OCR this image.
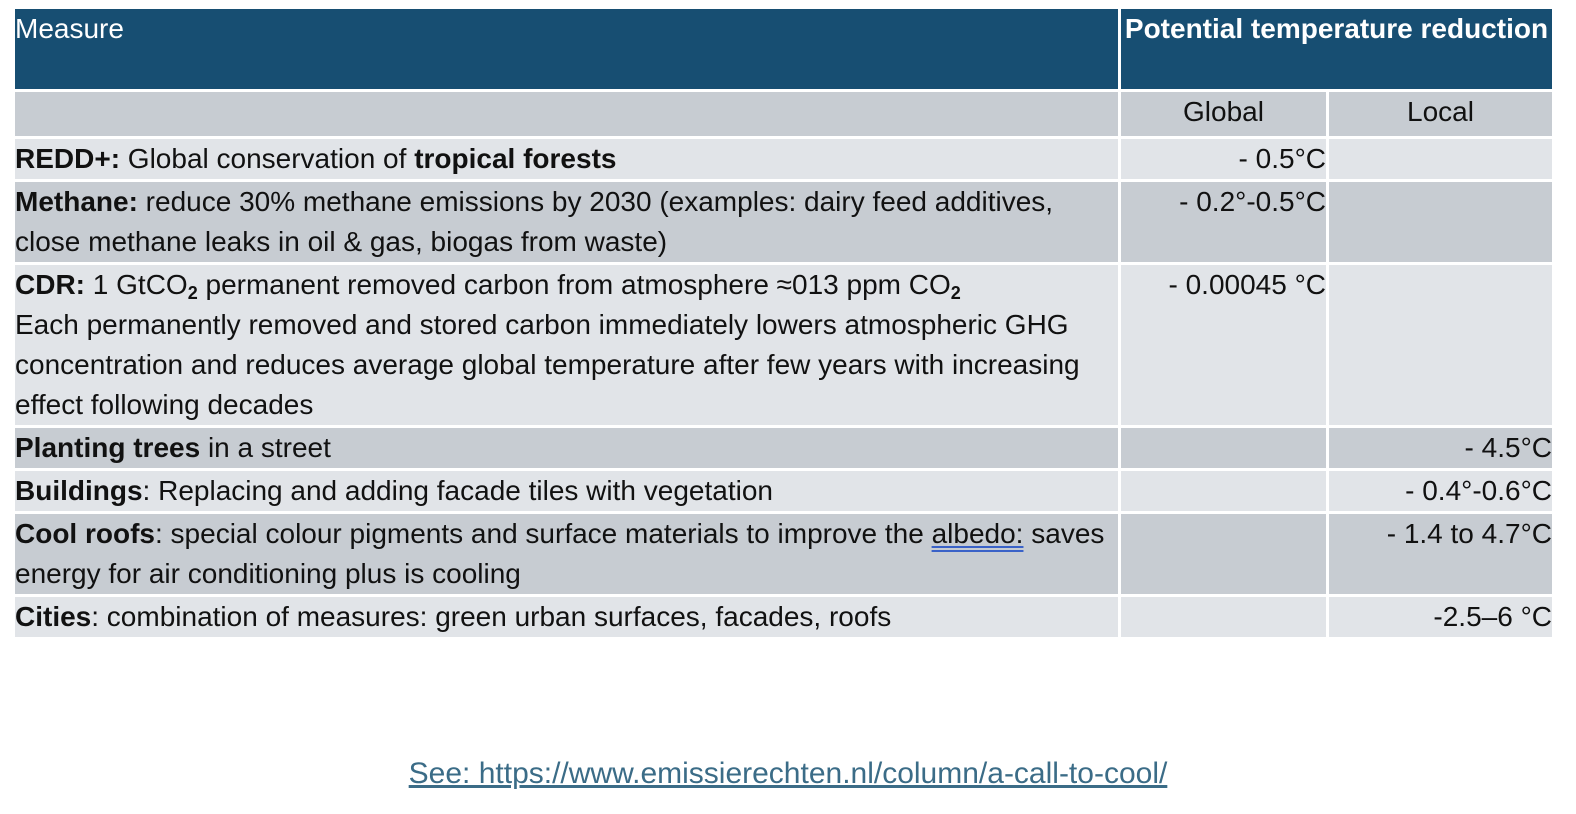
Measure	Potential temperature reduction	
	Global	Local
REDD+: Global conservation of tropical forests	- 0.5°C	
Methane: reduce 30% methane emissions by 2030 (examples: dairy feed additives, close methane leaks in oil & gas, biogas from waste)	- 0.2°-0.5°C	
CDR: 1 GtCO$_2$ permanent removed carbon from atmosphere ≈013 ppm $CO_2$
Each permanently removed and stored carbon immediately lowers atmospheric GHG concentration and reduces average global temperature after few years with increasing effect following decades	- 0.00045 °C	
Planting trees in a street		- 4.5°C
Buildings: Replacing and adding facade tiles with vegetation		- 0.4°-0.6°C
Cool roofs: special colour pigments and surface materials to improve the albedo: saves energy for air conditioning plus is cooling		- 1.4 to 4.7°C
Cities: combination of measures: green urban surfaces, facades, roofs		-2.5–6 °C
See: https://www.emissierechten.nl/column/a-call-to-cool/
